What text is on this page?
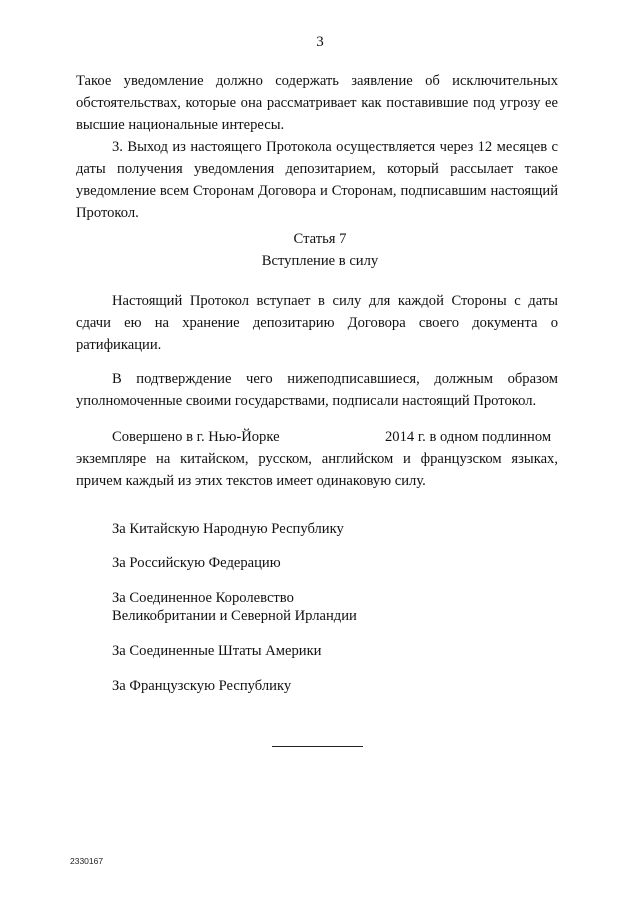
3

Такое уведомление должно содержать заявление об исключительных обстоятельствах, которые она рассматривает как поставившие под угрозу ее высшие национальные интересы.

3. Выход из настоящего Протокола осуществляется через 12 месяцев с даты получения уведомления депозитарием, который рассылает такое уведомление всем Сторонам Договора и Сторонам, подписавшим настоящий Протокол.

Статья 7
Вступление в силу

Настоящий Протокол вступает в силу для каждой Стороны с даты сдачи ею на хранение депозитарию Договора своего документа о ратификации.

В подтверждение чего нижеподписавшиеся, должным образом уполномоченные своими государствами, подписали настоящий Протокол.

Совершено в г. Нью-Йорке	2014 г. в одном подлинном

экземпляре на китайском, русском, английском и французском языках, причем каждый из этих текстов имеет одинаковую силу.

За Китайскую Народную Республику
За Российскую Федерацию
За Соединенное Королевство
Великобритании и Северной Ирландии
За Соединенные Штаты Америки
За Французскую Республику
2330167
